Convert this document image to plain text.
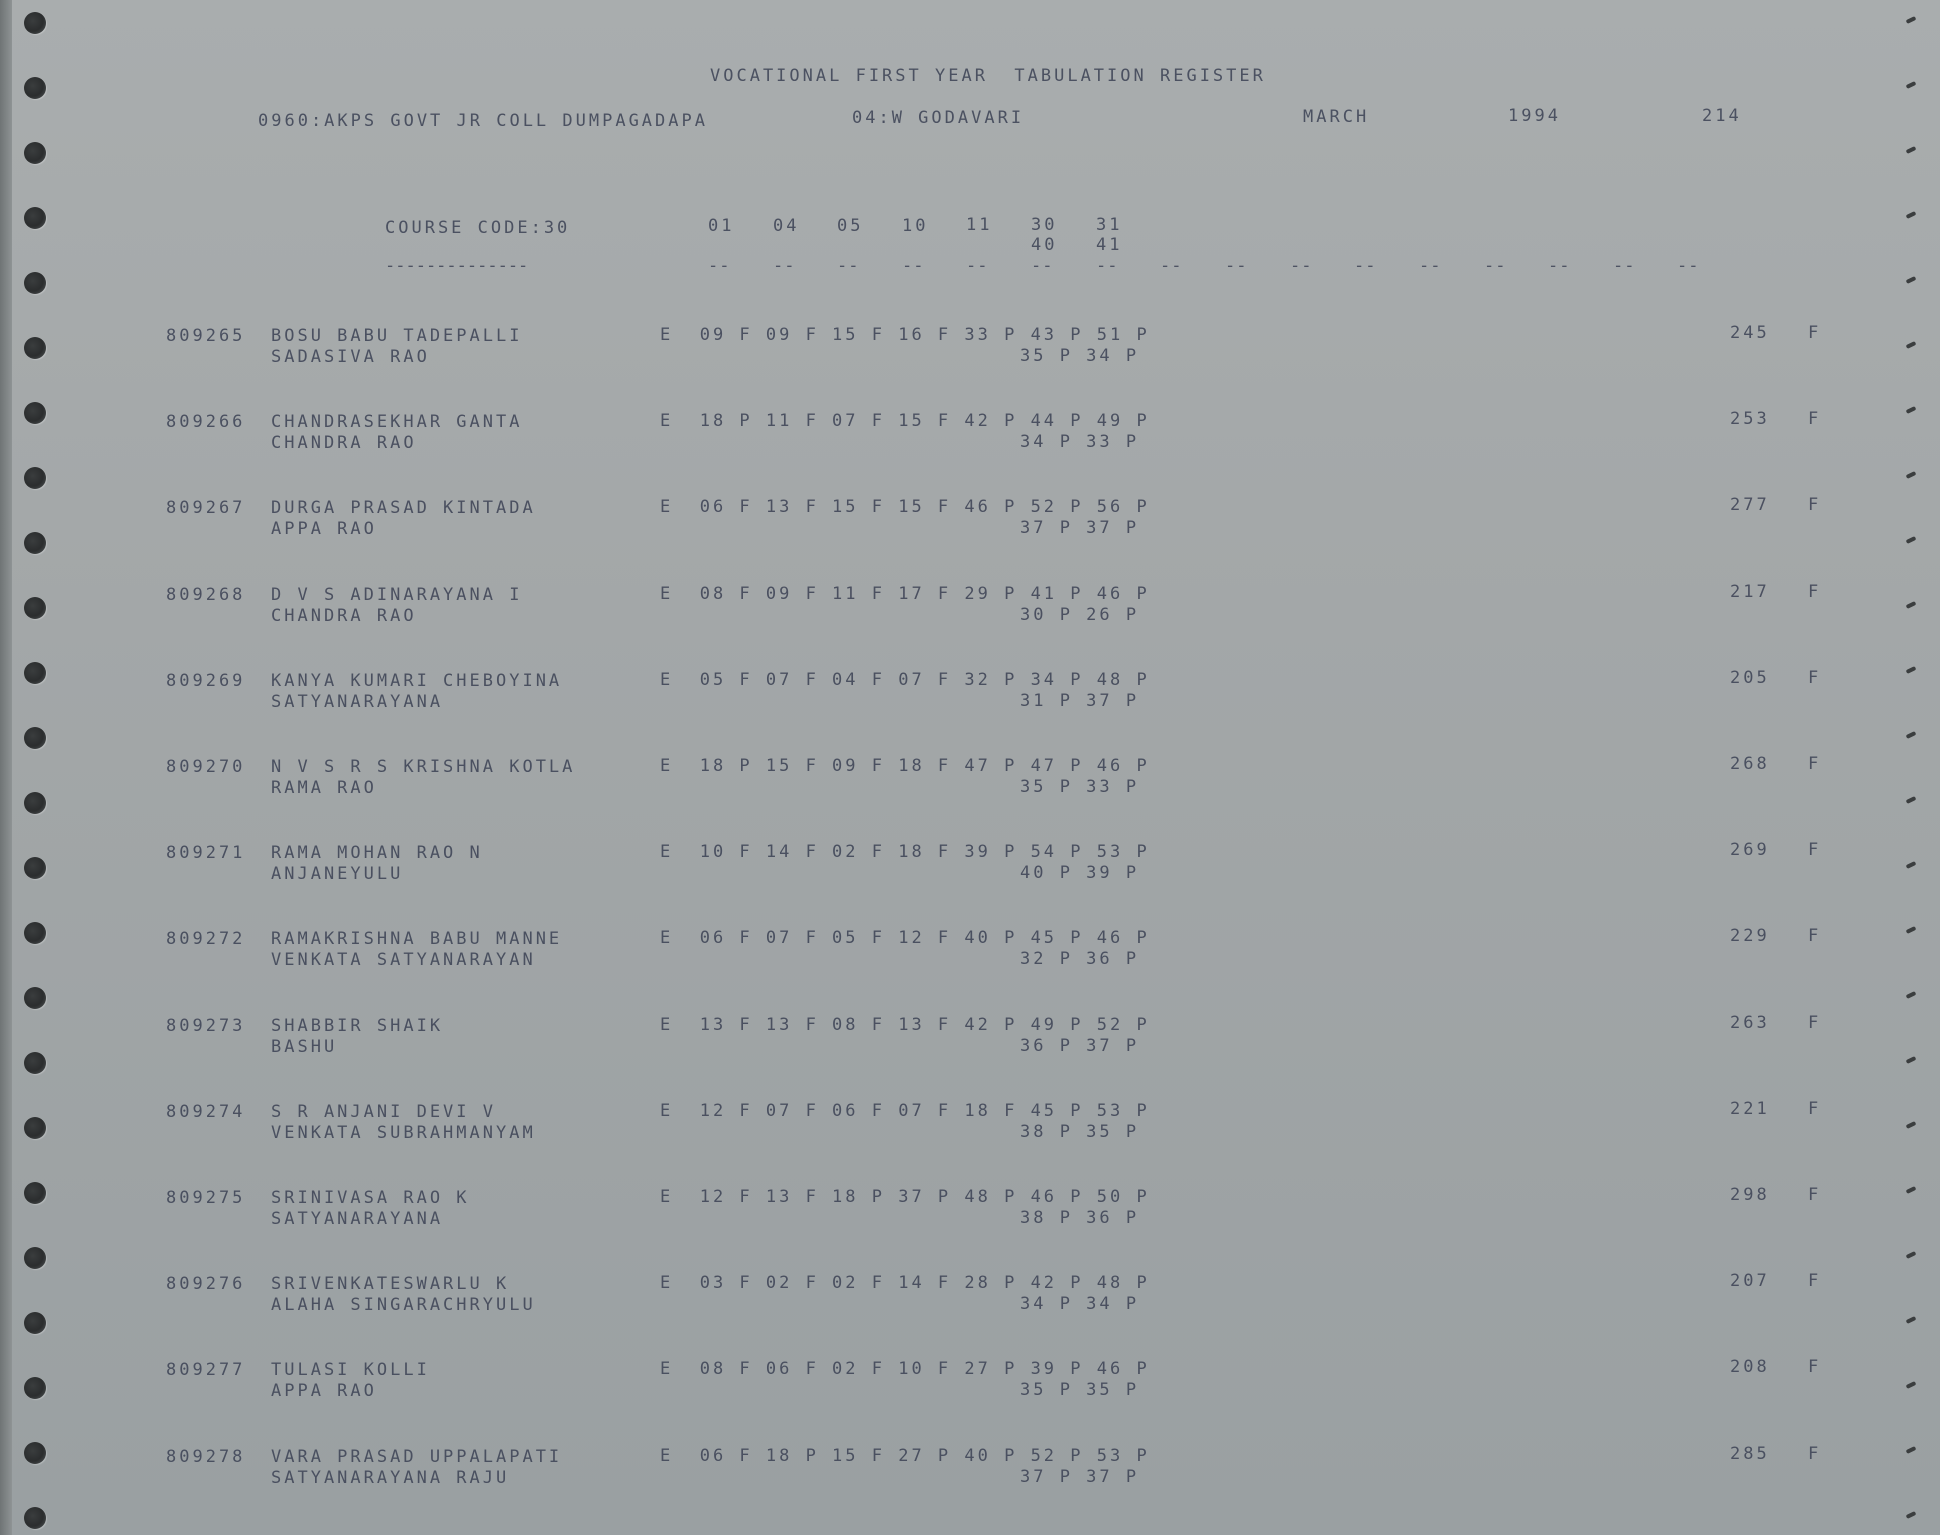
VOCATIONAL FIRST YEAR  TABULATION REGISTER
0960:AKPS GOVT JR COLL DUMPAGADAPA	04:W GODAVARI	MARCH	1994	214
COURSE CODE:30
--------------
01 04 05 10 11 30 31
40 41
--	-- --	-- --	--	-- --	--	-- --	--	-- --	-- --
809265 BOSU BABU TADEPALLI	E  09 F 09 F 15 F 16 F 33 P 43 P 51 P	245 F
SADASIVA RAO	35 P 34 P
809266 CHANDRASEKHAR GANTA	E  18 P 11 F 07 F 15 F 42 P 44 P 49 P	253 F
CHANDRA RAO	34 P 33 P
809267 DURGA PRASAD KINTADA	E  06 F 13 F 15 F 15 F 46 P 52 P 56 P	277 F
APPA RAO	37 P 37 P
809268 D V S ADINARAYANA I	E  08 F 09 F 11 F 17 F 29 P 41 P 46 P	217 F
CHANDRA RAO	30 P 26 P
809269 KANYA KUMARI CHEBOYINA	E  05 F 07 F 04 F 07 F 32 P 34 P 48 P	205 F
SATYANARAYANA	31 P 37 P
809270 N V S R S KRISHNA KOTLA	E  18 P 15 F 09 F 18 F 47 P 47 P 46 P	268 F
RAMA RAO	35 P 33 P
809271 RAMA MOHAN RAO N	E  10 F 14 F 02 F 18 F 39 P 54 P 53 P	269 F
ANJANEYULU	40 P 39 P
809272 RAMAKRISHNA BABU MANNE	E  06 F 07 F 05 F 12 F 40 P 45 P 46 P	229 F
VENKATA SATYANARAYAN	32 P 36 P
809273 SHABBIR SHAIK	E  13 F 13 F 08 F 13 F 42 P 49 P 52 P	263 F
BASHU	36 P 37 P
809274 S R ANJANI DEVI V	E  12 F 07 F 06 F 07 F 18 F 45 P 53 P	221 F
VENKATA SUBRAHMANYAM	38 P 35 P
809275 SRINIVASA RAO K	E  12 F 13 F 18 P 37 P 48 P 46 P 50 P	298 F
SATYANARAYANA	38 P 36 P
809276 SRIVENKATESWARLU K	E  03 F 02 F 02 F 14 F 28 P 42 P 48 P	207 F
ALAHA SINGARACHRYULU	34 P 34 P
809277 TULASI KOLLI	E  08 F 06 F 02 F 10 F 27 P 39 P 46 P	208 F
APPA RAO	35 P 35 P
809278 VARA PRASAD UPPALAPATI	E  06 F 18 P 15 F 27 P 40 P 52 P 53 P	285 F
SATYANARAYANA RAJU	37 P 37 P
